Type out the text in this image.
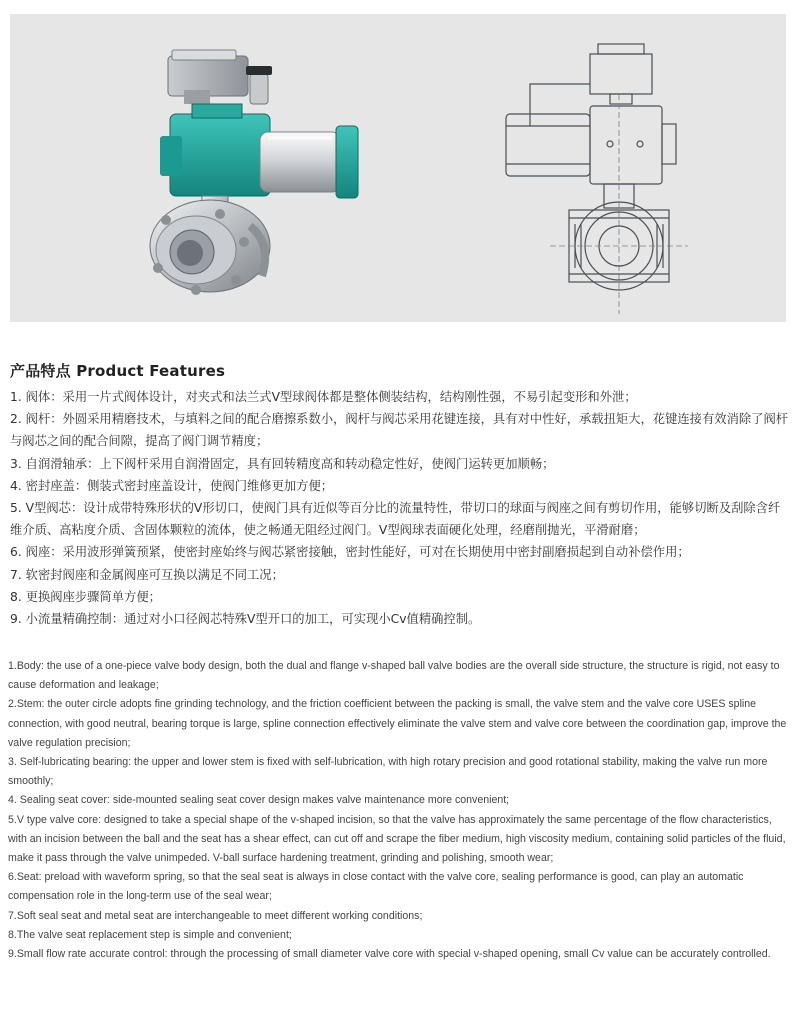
产品特点 Product Features
1. 阀体：采用一片式阀体设计，对夹式和法兰式V型球阀体都是整体侧装结构，结构刚性强，不易引起变形和外泄；
2. 阀杆：外圆采用精磨技术，与填料之间的配合磨擦系数小，阀杆与阀芯采用花键连接，具有对中性好，承载扭矩大，花键连接有效消除了阀杆与阀芯之间的配合间隙，提高了阀门调节精度；
3. 自润滑轴承：上下阀杆采用自润滑固定，具有回转精度高和转动稳定性好，使阀门运转更加顺畅；
4. 密封座盖：侧装式密封座盖设计，使阀门维修更加方便；
5. V型阀芯：设计成带特殊形状的V形切口，使阀门具有近似等百分比的流量特性，带切口的球面与阀座之间有剪切作用，能够切断及刮除含纤维介质、高粘度介质、含固体颗粒的流体，使之畅通无阻经过阀门。V型阀球表面硬化处理，经磨削抛光，平滑耐磨；
6. 阀座：采用波形弹簧预紧，使密封座始终与阀芯紧密接触，密封性能好，可对在长期使用中密封副磨损起到自动补偿作用；
7. 软密封阀座和金属阀座可互换以满足不同工况；
8. 更换阀座步骤简单方便；
9. 小流量精确控制：通过对小口径阀芯特殊V型开口的加工，可实现小Cv值精确控制。
1.Body: the use of a one-piece valve body design, both the dual and flange v-shaped ball valve bodies are the overall side structure, the structure is rigid, not easy to cause deformation and leakage;
2.Stem: the outer circle adopts fine grinding technology, and the friction coefficient between the packing is small, the valve stem and the valve core USES spline connection, with good neutral, bearing torque is large, spline connection effectively eliminate the valve stem and valve core between the coordination gap, improve the valve regulation precision;
3. Self-lubricating bearing: the upper and lower stem is fixed with self-lubrication, with high rotary precision and good rotational stability, making the valve run more smoothly;
4. Sealing seat cover: side-mounted sealing seat cover design makes valve maintenance more convenient;
5.V type valve core: designed to take a special shape of the v-shaped incision, so that the valve has approximately the same percentage of the flow characteristics, with an incision between the ball and the seat has a shear effect, can cut off and scrape the fiber medium, high viscosity medium, containing solid particles of the fluid, make it pass through the valve unimpeded. V-ball surface hardening treatment, grinding and polishing, smooth wear;
6.Seat: preload with waveform spring, so that the seal seat is always in close contact with the valve core, sealing performance is good, can play an automatic compensation role in the long-term use of the seal wear;
7.Soft seal seat and metal seat are interchangeable to meet different working conditions;
8.The valve seat replacement step is simple and convenient;
9.Small flow rate accurate control: through the processing of small diameter valve core with special v-shaped opening, small Cv value can be accurately controlled.
